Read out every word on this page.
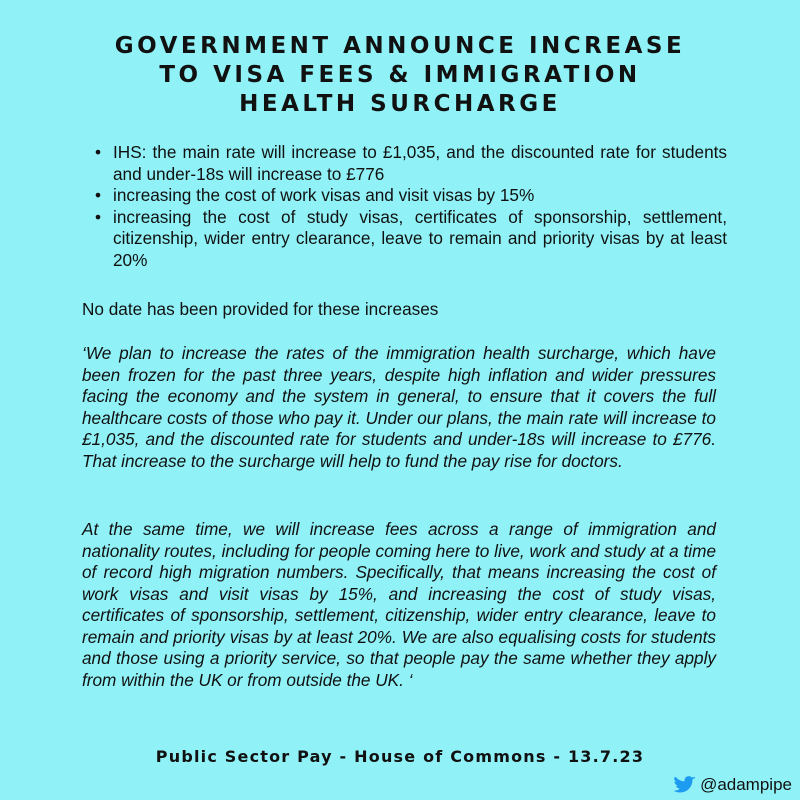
GOVERNMENT ANNOUNCE INCREASE
TO VISA FEES & IMMIGRATION
HEALTH SURCHARGE
• IHS: the main rate will increase to £1,035, and the discounted rate for students and under-18s will increase to £776
• increasing the cost of work visas and visit visas by 15%
• increasing the cost of study visas, certificates of sponsorship, settlement, citizenship, wider entry clearance, leave to remain and priority visas by at least 20%
No date has been provided for these increases

‘We plan to increase the rates of the immigration health surcharge, which have been frozen for the past three years, despite high inflation and wider pressures facing the economy and the system in general, to ensure that it covers the full healthcare costs of those who pay it. Under our plans, the main rate will increase to £1,035, and the discounted rate for students and under-18s will increase to £776. That increase to the surcharge will help to fund the pay rise for doctors.

At the same time, we will increase fees across a range of immigration and nationality routes, including for people coming here to live, work and study at a time of record high migration numbers. Specifically, that means increasing the cost of work visas and visit visas by 15%, and increasing the cost of study visas, certificates of sponsorship, settlement, citizenship, wider entry clearance, leave to remain and priority visas by at least 20%. We are also equalising costs for students and those using a priority service, so that people pay the same whether they apply from within the UK or from outside the UK. ‘

Public Sector Pay - House of Commons - 13.7.23
@adampipe
